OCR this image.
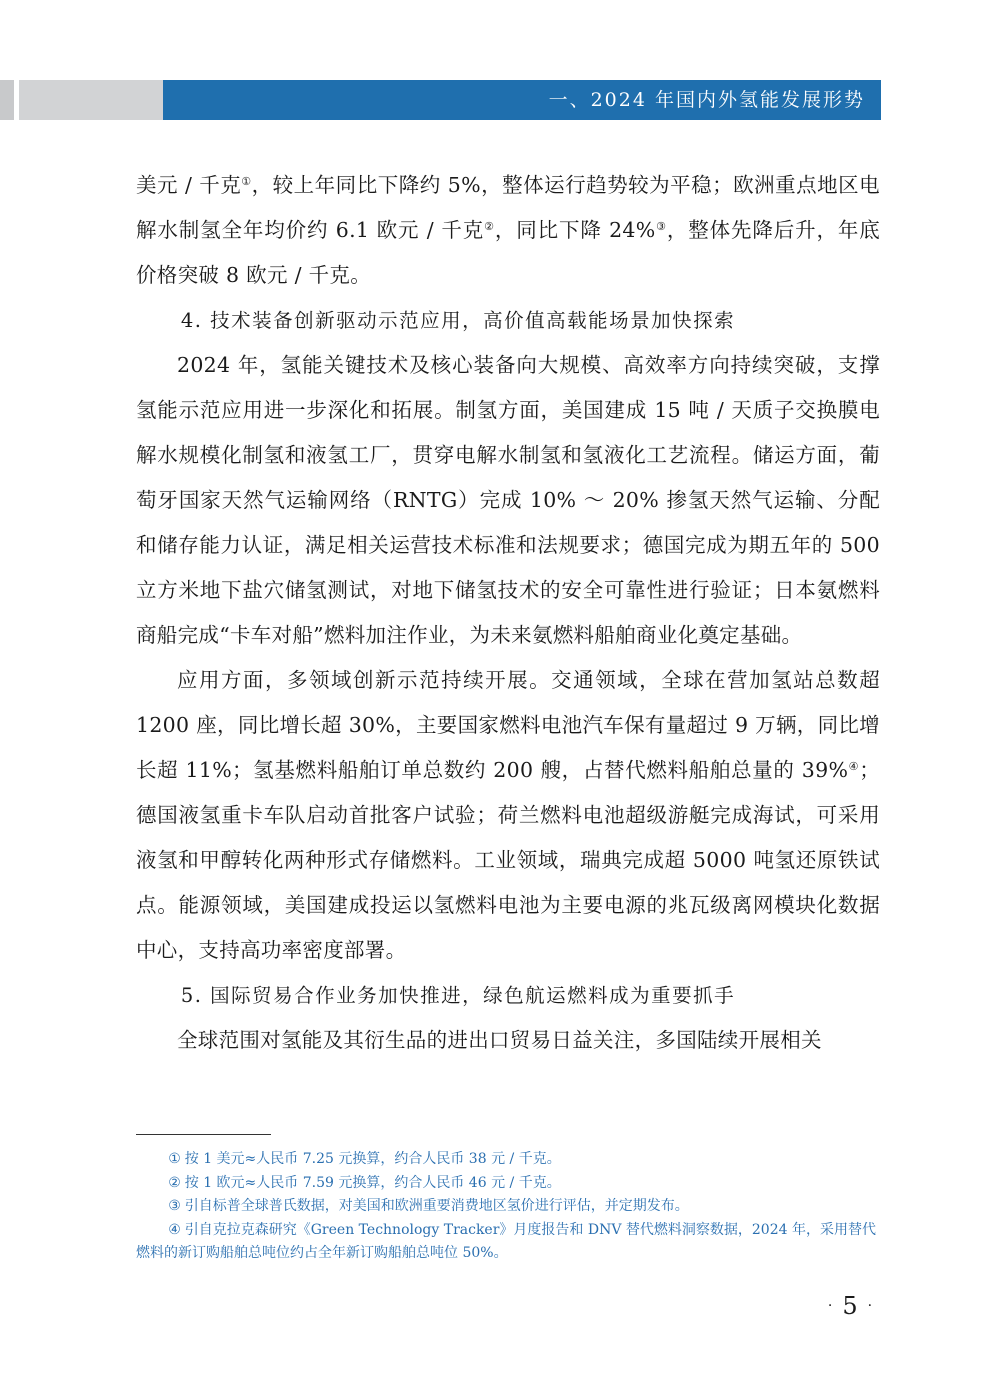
一、2024 年国内外氢能发展形势

美元 / 千克①，较上年同比下降约 5%，整体运行趋势较为平稳；欧洲重点地区电解水制氢全年均价约 6.1 欧元 / 千克②，同比下降 24%③，整体先降后升，年底价格突破 8 欧元 / 千克。

4. 技术装备创新驱动示范应用，高价值高载能场景加快探索

2024 年，氢能关键技术及核心装备向大规模、高效率方向持续突破，支撑氢能示范应用进一步深化和拓展。制氢方面，美国建成 15 吨 / 天质子交换膜电解水规模化制氢和液氢工厂，贯穿电解水制氢和氢液化工艺流程。储运方面，葡萄牙国家天然气运输网络（RNTG）完成 10% ～ 20% 掺氢天然气运输、分配和储存能力认证，满足相关运营技术标准和法规要求；德国完成为期五年的 500 立方米地下盐穴储氢测试，对地下储氢技术的安全可靠性进行验证；日本氨燃料商船完成“卡车对船”燃料加注作业，为未来氨燃料船舶商业化奠定基础。

应用方面，多领域创新示范持续开展。交通领域，全球在营加氢站总数超 1200 座，同比增长超 30%，主要国家燃料电池汽车保有量超过 9 万辆，同比增长超 11%；氢基燃料船舶订单总数约 200 艘，占替代燃料船舶总量的 39%④；德国液氢重卡车队启动首批客户试验；荷兰燃料电池超级游艇完成海试，可采用液氢和甲醇转化两种形式存储燃料。工业领域，瑞典完成超 5000 吨氢还原铁试点。能源领域，美国建成投运以氢燃料电池为主要电源的兆瓦级离网模块化数据中心，支持高功率密度部署。

5. 国际贸易合作业务加快推进，绿色航运燃料成为重要抓手

全球范围对氢能及其衍生品的进出口贸易日益关注，多国陆续开展相关

① 按 1 美元≈人民币 7.25 元换算，约合人民币 38 元 / 千克。

② 按 1 欧元≈人民币 7.59 元换算，约合人民币 46 元 / 千克。

③ 引自标普全球普氏数据，对美国和欧洲重要消费地区氢价进行评估，并定期发布。

④ 引自克拉克森研究《Green Technology Tracker》月度报告和 DNV 替代燃料洞察数据，2024 年，采用替代燃料的新订购船舶总吨位约占全年新订购船舶总吨位 50%。

· 5 ·
